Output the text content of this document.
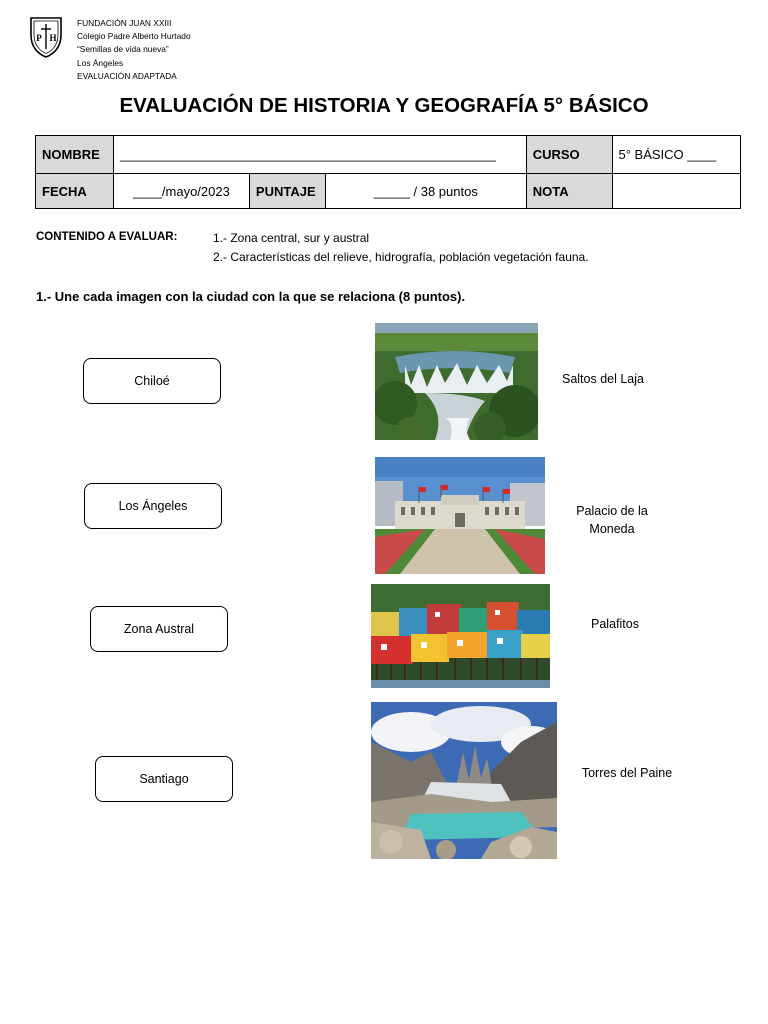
P H
FUNDACIÓN JUAN XXIII
Colegio Padre Alberto Hurtado
“Semillas de vida nueva”
Los Ángeles
EVALUACIÓN ADAPTADA
EVALUACIÓN DE HISTORIA Y GEOGRAFÍA 5° BÁSICO
NOMBRE	____________________________________________________			CURSO	5° BÁSICO ____
FECHA	____/mayo/2023	PUNTAJE	_____ / 38 puntos	NOTA	
CONTENIDO A EVALUAR:	1.- Zona central, sur y austral
2.- Características del relieve, hidrografía, población vegetación fauna.
1.- Une cada imagen con la ciudad con la que se relaciona (8 puntos).
Chiloé
Los Ángeles
Zona Austral
Santiago
Saltos del Laja
Palacio de la
Moneda
Palafitos
Torres del Paine
